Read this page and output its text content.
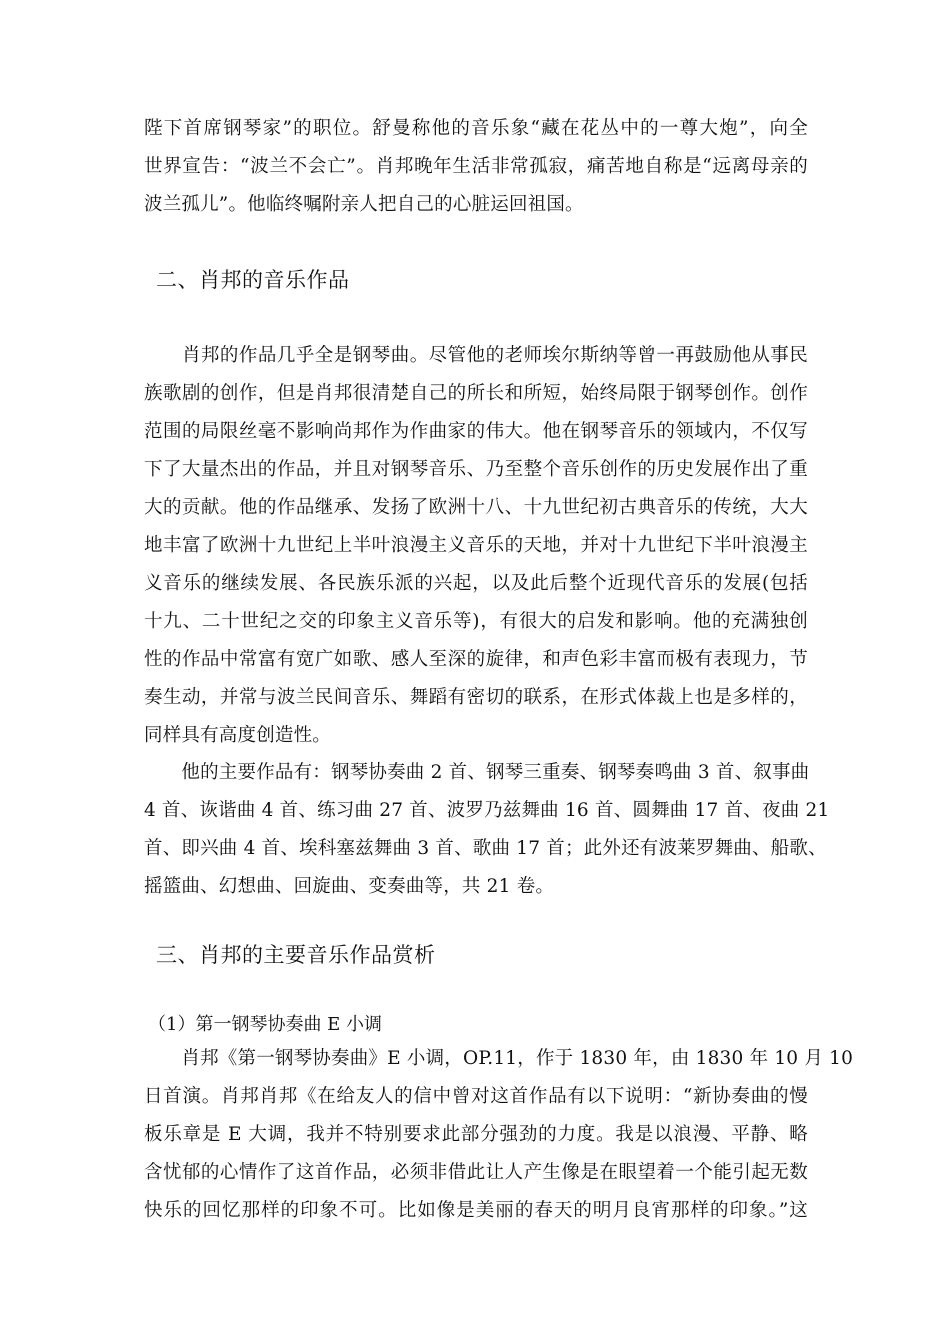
陛下首席钢琴家”的职位。舒曼称他的音乐象“藏在花丛中的一尊大炮”，向全
世界宣告：“波兰不会亡”。肖邦晚年生活非常孤寂，痛苦地自称是“远离母亲的
波兰孤儿”。他临终嘱附亲人把自己的心脏运回祖国。
二、肖邦的音乐作品
　　肖邦的作品几乎全是钢琴曲。尽管他的老师埃尔斯纳等曾一再鼓励他从事民
族歌剧的创作，但是肖邦很清楚自己的所长和所短，始终局限于钢琴创作。创作
范围的局限丝毫不影响尚邦作为作曲家的伟大。他在钢琴音乐的领域内，不仅写
下了大量杰出的作品，并且对钢琴音乐、乃至整个音乐创作的历史发展作出了重
大的贡献。他的作品继承、发扬了欧洲十八、十九世纪初古典音乐的传统，大大
地丰富了欧洲十九世纪上半叶浪漫主义音乐的天地，并对十九世纪下半叶浪漫主
义音乐的继续发展、各民族乐派的兴起，以及此后整个近现代音乐的发展(包括
十九、二十世纪之交的印象主义音乐等)，有很大的启发和影响。他的充满独创
性的作品中常富有宽广如歌、感人至深的旋律，和声色彩丰富而极有表现力，节
奏生动，并常与波兰民间音乐、舞蹈有密切的联系，在形式体裁上也是多样的，
同样具有高度创造性。
　　他的主要作品有：钢琴协奏曲 2 首、钢琴三重奏、钢琴奏鸣曲 3 首、叙事曲
4 首、诙谐曲 4 首、练习曲 27 首、波罗乃兹舞曲 16 首、圆舞曲 17 首、夜曲 21
首、即兴曲 4 首、埃科塞兹舞曲 3 首、歌曲 17 首；此外还有波莱罗舞曲、船歌、
摇篮曲、幻想曲、回旋曲、变奏曲等，共 21 卷。
三、肖邦的主要音乐作品赏析
（1）第一钢琴协奏曲 E 小调
　　肖邦《第一钢琴协奏曲》E 小调，OP.11，作于 1830 年，由 1830 年 10 月 10
日首演。肖邦肖邦《在给友人的信中曾对这首作品有以下说明：“新协奏曲的慢
板乐章是 E 大调，我并不特别要求此部分强劲的力度。我是以浪漫、平静、略
含忧郁的心情作了这首作品，必须非借此让人产生像是在眼望着一个能引起无数
快乐的回忆那样的印象不可。比如像是美丽的春天的明月良宵那样的印象。”这
